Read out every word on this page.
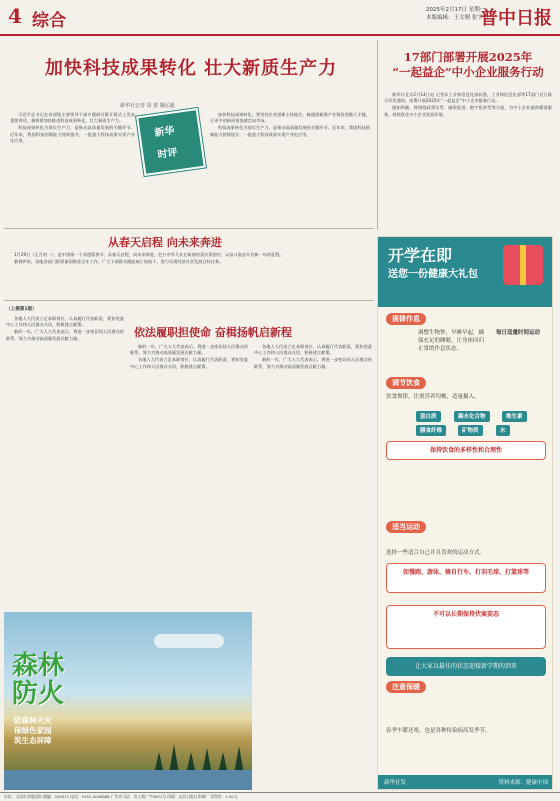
4 综合
2025年2月17日 星期一
本版编辑：王文刚 张宇怡
普中日报
加快科技成果转化 壮大新质生产力
新华社记者 周 蕾 魏弘毅
新华
时评

习近平总书记在省部级主要领导干部专题研讨班开班式上发表重要讲话，强调要加快推进科技成果转化，壮大新质生产力。

科技成果转化为现实生产力，是推动高质量发展的关键环节。近年来，我国科技创新能力持续提升，一批重大科技成果实现产业化应用。

加快科技成果转化，要坚持企业创新主体地位，畅通创新链产业链资金链人才链，让更多创新成果加速走向市场。

科技成果转化为现实生产力，是推动高质量发展的关键环节。近年来，我国科技创新能力持续提升，一批重大科技成果实现产业化应用。

17部门部署开展2025年
“一起益企”中小企业服务行动

新华社北京2月14日电 记者从工业和信息化部获悉，工业和信息化部等17部门近日联合印发通知，部署开展2025年“一起益企”中小企业服务行动。

通知明确，将围绕政策宣贯、融资促进、数字化转型等方面，为中小企业提供精准服务，持续优化中小企业发展环境。

从春天启程 向未来奔进

1月29日（正月初一），是中国第一个非遗版春节。从春天启程，向未来奔进，亿万中华儿女在新春的喜庆氛围中，以奋斗姿态开启新一年的征程。

新春伊始，各地各部门抓紧谋划推进全年工作，广大干部群众撸起袖子加油干，努力实现经济社会发展目标任务。

（上接第1版）
依法履职担使命 奋楫扬帆启新程

各地人大代表立足本职岗位，认真履行代表职责，紧扣党委中心工作和人民群众关切，积极建言献策。

新的一年，广大人大代表表示，将进一步密切同人民群众的联系，努力为推动高质量发展贡献力量。

新的一年，广大人大代表表示，将进一步密切同人民群众的联系，努力为推动高质量发展贡献力量。

各地人大代表立足本职岗位，认真履行代表职责，紧扣党委中心工作和人民群众关切，积极建言献策。

各地人大代表立足本职岗位，认真履行代表职责，紧扣党委中心工作和人民群众关切，积极建言献策。

新的一年，广大人大代表表示，将进一步密切同人民群众的联系，努力为推动高质量发展贡献力量。

森林
防火
防森林火灾
保绿色家园
筑生态屏障
开学在即
送您一份健康大礼包
规律作息
调整生物钟，早睡早起，确保充足的睡眠，让身体回归正常的作息状态。
每日适量时间运动
调节饮食
饮食规律，注重营养均衡，适量摄入。
蛋白质	碳水化合物	维生素
膳食纤维	矿物质	水
保持饮食的多样性和合理性
适当运动
选择一些适合自己并且喜欢的运动方式。
如慢跑、游泳、骑自行车、打羽毛球、打篮球等
不可以长期保持伏案姿态
让大家以最佳的状态迎接新学期的到来
注意保暖
春季乍暖还寒，也是各种传染病高发季节。
新华社发	资料来源：健康中国
社址：太原市双塔西街 邮编：030012 电话：0351-4048888 广告许可证：晋工商广字0001号 印刷：山西日报社印刷厂 零售价：1.00元
